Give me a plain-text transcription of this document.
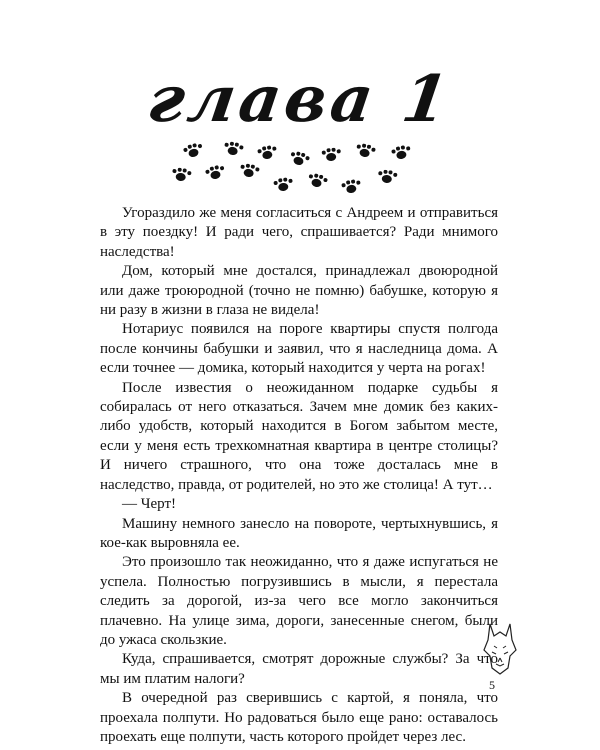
глава 1

Угораздило же меня согласиться с Андреем и отправиться в эту поездку! И ради чего, спрашивается? Ради мнимого наследства!

Дом, который мне достался, принадлежал двоюродной или даже троюродной (точно не помню) бабушке, которую я ни разу в жизни в глаза не видела!

Нотариус появился на пороге квартиры спустя полгода после кончины бабушки и заявил, что я наследница дома. А если точнее — домика, который находится у черта на рогах!

После известия о неожиданном подарке судьбы я собиралась от него отказаться. Зачем мне домик без каких-либо удобств, который находится в Богом забытом месте, если у меня есть трехкомнатная квартира в центре столицы? И ничего страшного, что она тоже досталась мне в наследство, правда, от родителей, но это же столица! А тут…

— Черт!

Машину немного занесло на повороте, чертыхнувшись, я кое-как выровняла ее.

Это произошло так неожиданно, что я даже испугаться не успела. Полностью погрузившись в мысли, я перестала следить за дорогой, из-за чего все могло закончиться плачевно. На улице зима, дороги, занесенные снегом, были до ужаса скользкие.

Куда, спрашивается, смотрят дорожные службы? За что мы им платим налоги?

В очередной раз сверившись с картой, я поняла, что проехала полпути. Но радоваться было еще рано: оставалось проехать еще полпути, часть которого пройдет через лес.

5
